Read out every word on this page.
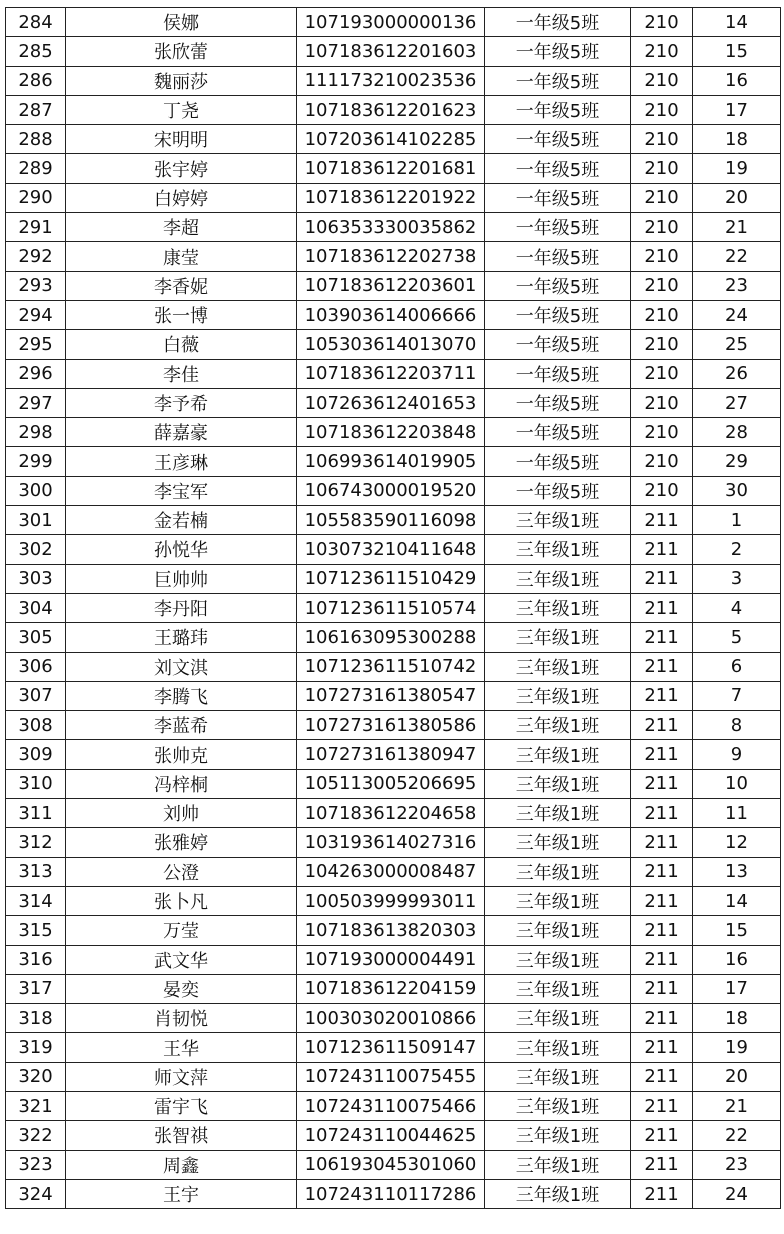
284	侯娜	107193000000136	一年级5班	210	14
285	张欣蕾	107183612201603	一年级5班	210	15
286	魏丽莎	111173210023536	一年级5班	210	16
287	丁尧	107183612201623	一年级5班	210	17
288	宋明明	107203614102285	一年级5班	210	18
289	张宇婷	107183612201681	一年级5班	210	19
290	白婷婷	107183612201922	一年级5班	210	20
291	李超	106353330035862	一年级5班	210	21
292	康莹	107183612202738	一年级5班	210	22
293	李香妮	107183612203601	一年级5班	210	23
294	张一博	103903614006666	一年级5班	210	24
295	白薇	105303614013070	一年级5班	210	25
296	李佳	107183612203711	一年级5班	210	26
297	李予希	107263612401653	一年级5班	210	27
298	薛嘉豪	107183612203848	一年级5班	210	28
299	王彦琳	106993614019905	一年级5班	210	29
300	李宝军	106743000019520	一年级5班	210	30
301	金若楠	105583590116098	三年级1班	211	1
302	孙悦华	103073210411648	三年级1班	211	2
303	巨帅帅	107123611510429	三年级1班	211	3
304	李丹阳	107123611510574	三年级1班	211	4
305	王璐玮	106163095300288	三年级1班	211	5
306	刘文淇	107123611510742	三年级1班	211	6
307	李腾飞	107273161380547	三年级1班	211	7
308	李蓝希	107273161380586	三年级1班	211	8
309	张帅克	107273161380947	三年级1班	211	9
310	冯梓桐	105113005206695	三年级1班	211	10
311	刘帅	107183612204658	三年级1班	211	11
312	张雅婷	103193614027316	三年级1班	211	12
313	公澄	104263000008487	三年级1班	211	13
314	张卜凡	100503999993011	三年级1班	211	14
315	万莹	107183613820303	三年级1班	211	15
316	武文华	107193000004491	三年级1班	211	16
317	晏奕	107183612204159	三年级1班	211	17
318	肖韧悦	100303020010866	三年级1班	211	18
319	王华	107123611509147	三年级1班	211	19
320	师文萍	107243110075455	三年级1班	211	20
321	雷宇飞	107243110075466	三年级1班	211	21
322	张智祺	107243110044625	三年级1班	211	22
323	周鑫	106193045301060	三年级1班	211	23
324	王宇	107243110117286	三年级1班	211	24
